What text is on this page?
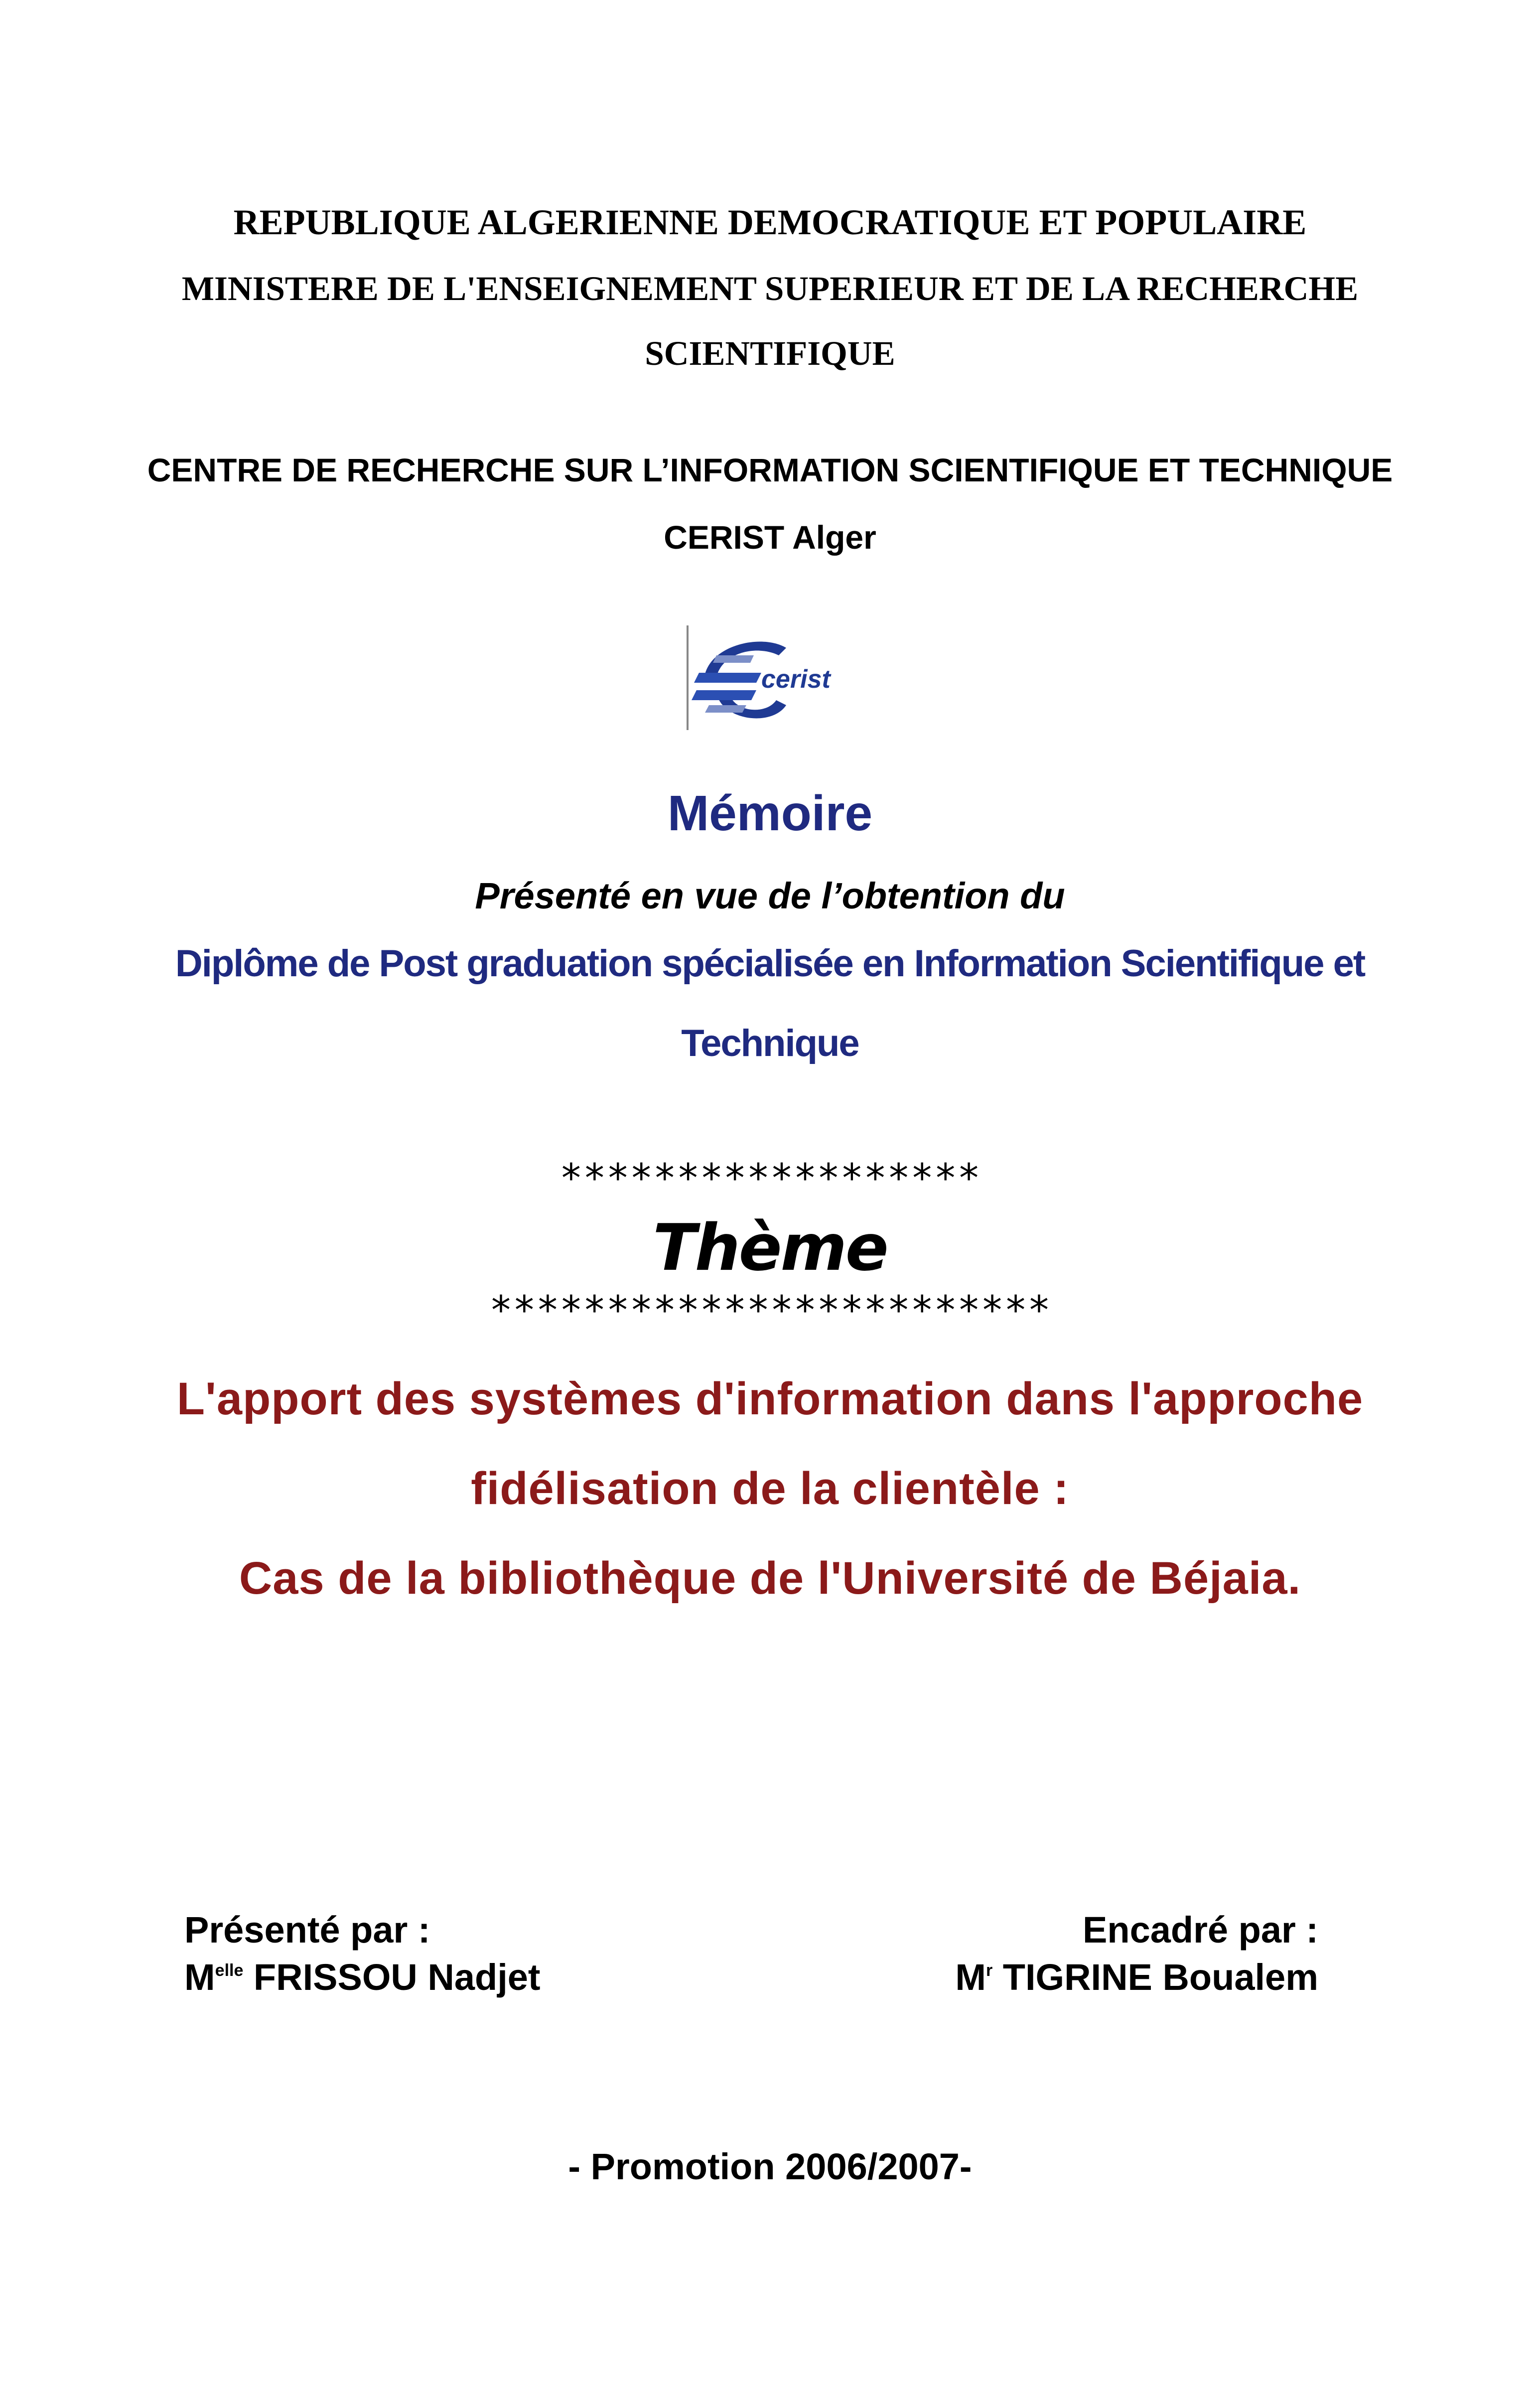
REPUBLIQUE ALGERIENNE DEMOCRATIQUE ET POPULAIRE
MINISTERE DE L'ENSEIGNEMENT SUPERIEUR ET DE LA RECHERCHE
SCIENTIFIQUE
CENTRE DE RECHERCHE SUR L’INFORMATION SCIENTIFIQUE ET TECHNIQUE
CERIST Alger
cerist
Mémoire
Présenté en vue de l’obtention du
Diplôme de Post graduation spécialisée en Information Scientifique et
Technique
******************
Thème
************************
L'apport des systèmes d'information dans l'approche
fidélisation de la clientèle :
Cas de la bibliothèque de l'Université de Béjaia.
Présenté par :
$M^{elle}$ FRISSOU Nadjet
Encadré par :
$M^r$ TIGRINE Boualem
- Promotion 2006/2007-
